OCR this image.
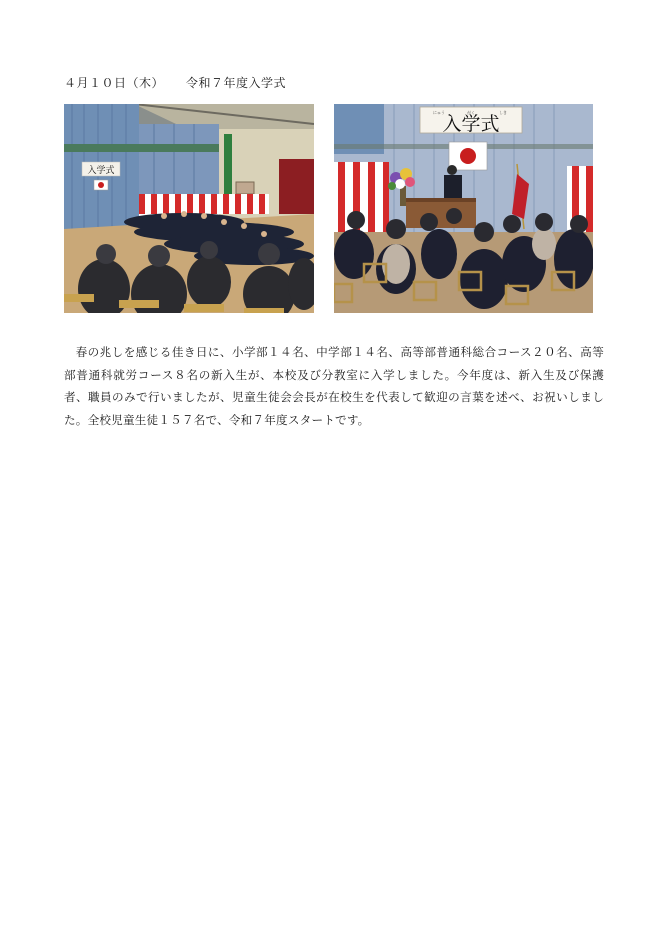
４月１０日（木） 令和７年度入学式
入学式
入学式
にゅう	がく	しき

春の兆しを感じる佳き日に、小学部１４名、中学部１４名、高等部普通科総合コース２０名、高等部普通科就労コース８名の新入生が、本校及び分教室に入学しました。今年度は、新入生及び保護者、職員のみで行いましたが、児童生徒会会長が在校生を代表して歓迎の言葉を述べ、お祝いしました。全校児童生徒１５７名で、令和７年度スタートです。
